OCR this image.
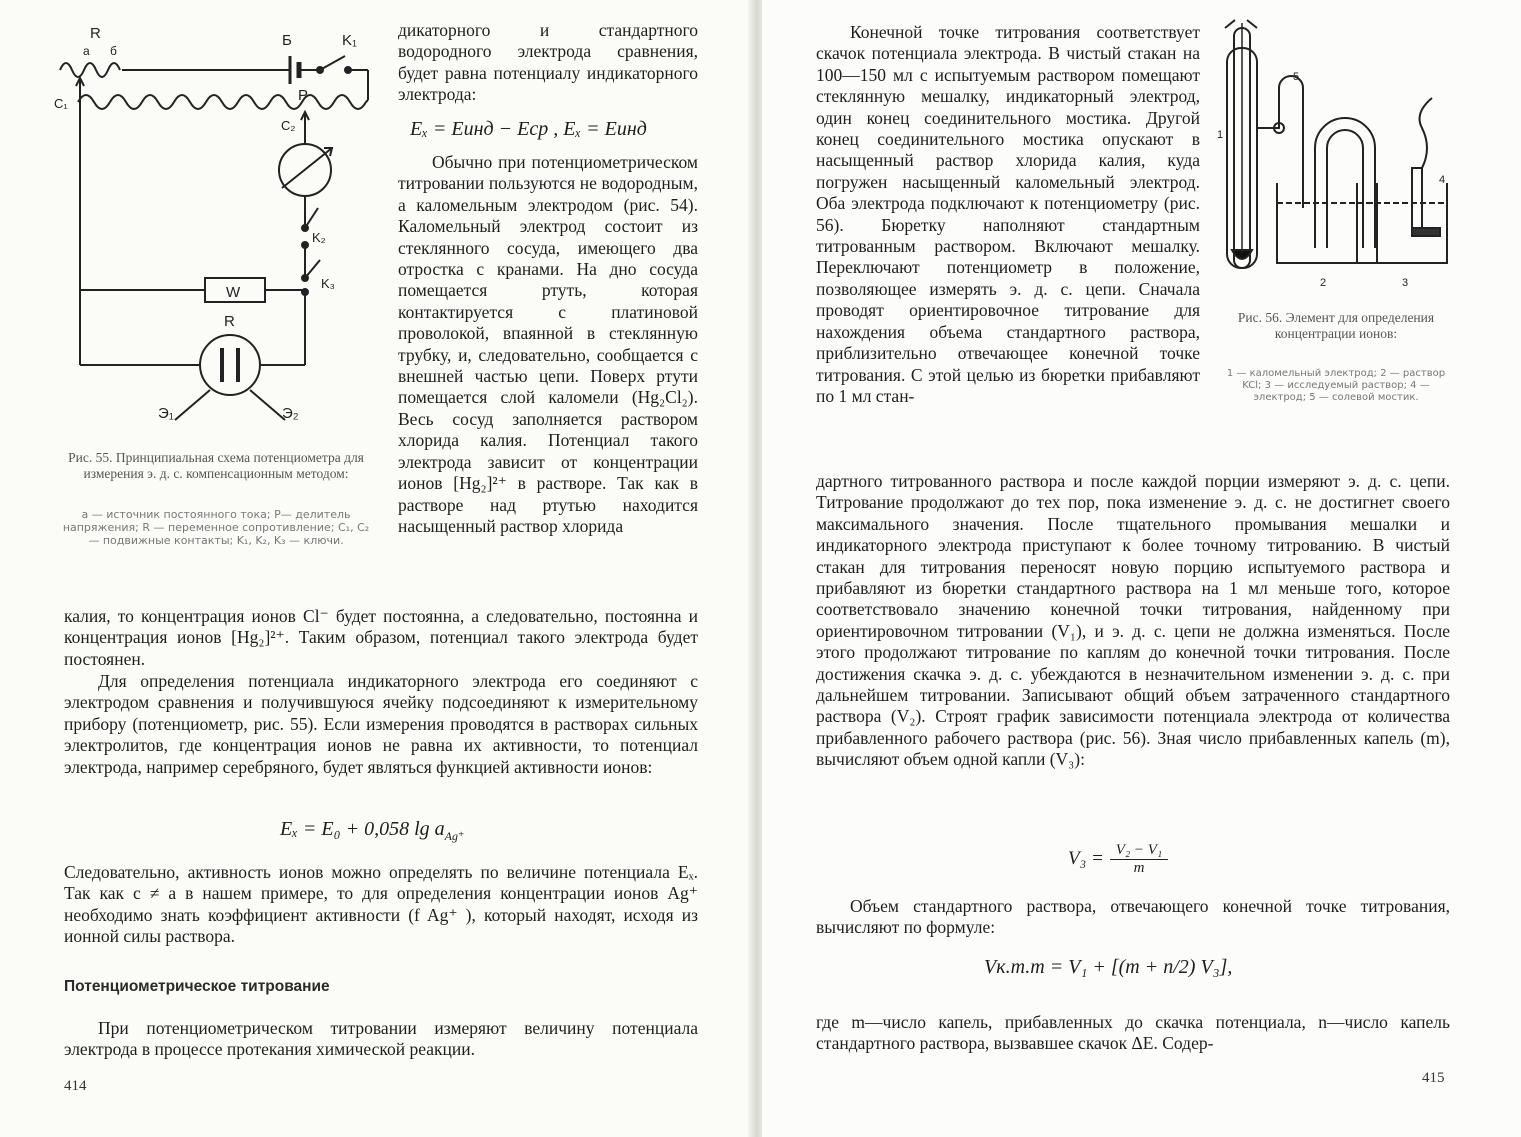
R
а б
C₁
Б	K₁
P
C₂
K₂
K₃
W
R
Э₁	Э₂

Рис. 55. Принципиальная схема потенциометра для измерения э. д. с. компенсационным методом:

а — источник постоянного тока; Р— делитель напряжения; R — переменное сопротивление; C₁, C₂ — подвижные контакты; K₁, K₂, K₃ — ключи.

дикаторного и стандартного водородного электрода сравнения, будет равна потенциалу индикаторного электрода:

Eₓ = Eинд − Eср , Eₓ = Eинд

Обычно при потенциометрическом титровании пользуются не водородным, а каломельным электродом (рис. 54). Каломельный электрод состоит из стеклянного сосуда, имеющего два отростка с кранами. На дно сосуда помещается ртуть, которая контактируется с платиновой проволокой, впаянной в стеклянную трубку, и, следовательно, сообщается с внешней частью цепи. Поверх ртути помещается слой каломели (Hg₂Cl₂). Весь сосуд заполняется раствором хлорида калия. Потенциал такого электрода зависит от концентрации ионов [Hg₂]²⁺ в растворе. Так как в растворе над ртутью находится насыщенный раствор хлорида

калия, то концентрация ионов Cl⁻ будет постоянна, а следовательно, постоянна и концентрация ионов [Hg₂]²⁺. Таким образом, потенциал такого электрода будет постоянен.

Для определения потенциала индикаторного электрода его соединяют с электродом сравнения и получившуюся ячейку подсоединяют к измерительному прибору (потенциометр, рис. 55). Если измерения проводятся в растворах сильных электролитов, где концентрация ионов не равна их активности, то потенциал электрода, например серебряного, будет являться функцией активности ионов:

Eₓ = E₀ + 0,058 $\lg a_{Ag^+}$

Следовательно, активность ионов можно определять по величине потенциала Eₓ. Так как c ≠ a в нашем примере, то для определения концентрации ионов Ag⁺ необходимо знать коэффициент активности (f Ag⁺ ), который находят, исходя из ионной силы раствора.

Потенциометрическое титрование

При потенциометрическом титровании измеряют величину потенциала электрода в процессе протекания химической реакции.

414

Конечной точке титрования соответствует скачок потенциала электрода. В чистый стакан на 100—150 мл с испытуемым раствором помещают стеклянную мешалку, индикаторный электрод, один конец соединительного мостика. Другой конец соединительного мостика опускают в насыщенный раствор хлорида калия, куда погружен насыщенный каломельный электрод. Оба электрода подключают к потенциометру (рис. 56). Бюретку наполняют стандартным титрованным раствором. Включают мешалку. Переключают потенциометр в положение, позволяющее измерять э. д. с. цепи. Сначала проводят ориентировочное титрование для нахождения объема стандартного раствора, приблизительно отвечающее конечной точке титрования. С этой целью из бюретки прибавляют по 1 мл стан-

1
2	3
4
5

Рис. 56. Элемент для определения концентрации ионов:

1 — каломельный электрод; 2 — раствор KCl; 3 — исследуемый раствор; 4 — электрод; 5 — солевой мостик.

дартного титрованного раствора и после каждой порции измеряют э. д. с. цепи. Титрование продолжают до тех пор, пока изменение э. д. с. не достигнет своего максимального значения. После тщательного промывания мешалки и индикаторного электрода приступают к более точному титрованию. В чистый стакан для титрования переносят новую порцию испытуемого раствора и прибавляют из бюретки стандартного раствора на 1 мл меньше того, которое соответствовало значению конечной точки титрования, найденному при ориентировочном титровании (V₁), и э. д. с. цепи не должна изменяться. После этого продолжают титрование по каплям до конечной точки титрования. После достижения скачка э. д. с. убеждаются в незначительном изменении э. д. с. при дальнейшем титровании. Записывают общий объем затраченного стандартного раствора (V₂). Строят график зависимости потенциала электрода от количества прибавленного рабочего раствора (рис. 56). Зная число прибавленных капель (m), вычисляют объем одной капли (V₃):

$V_3 = \frac{\text{V₂ − V₁}}{m}$

Объем стандартного раствора, отвечающего конечной точке титрования, вычисляют по формуле:

Vк.т.т = V₁ + [(m + n/2) V₃],

где m—число капель, прибавленных до скачка потенциала, n—число капель стандартного раствора, вызвавшее скачок ΔE. Содер-

415
